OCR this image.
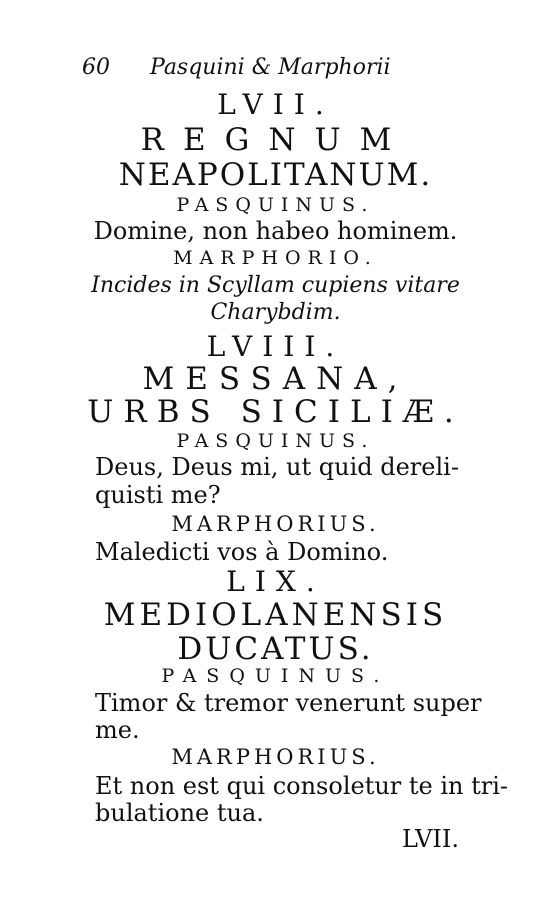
60 Pasquini & Marphorii
LVII.
REGNUM
NEAPOLITANUM.
PASQUINUS.
Domine, non habeo hominem.
MARPHORIO.
Incides in Scyllam cupiens vitare
Charybdim.
LVIII.
MESSANA,
URBS SICILIÆ.
PASQUINUS.
Deus, Deus mi, ut quid dereli-
quisti me?
MARPHORIUS.
Maledicti vos à Domino.
LIX.
MEDIOLANENSIS
DUCATUS.
PASQUINUS.
Timor & tremor venerunt super
me.
MARPHORIUS.
Et non est qui consoletur te in tri-
bulatione tua.
LVII.
